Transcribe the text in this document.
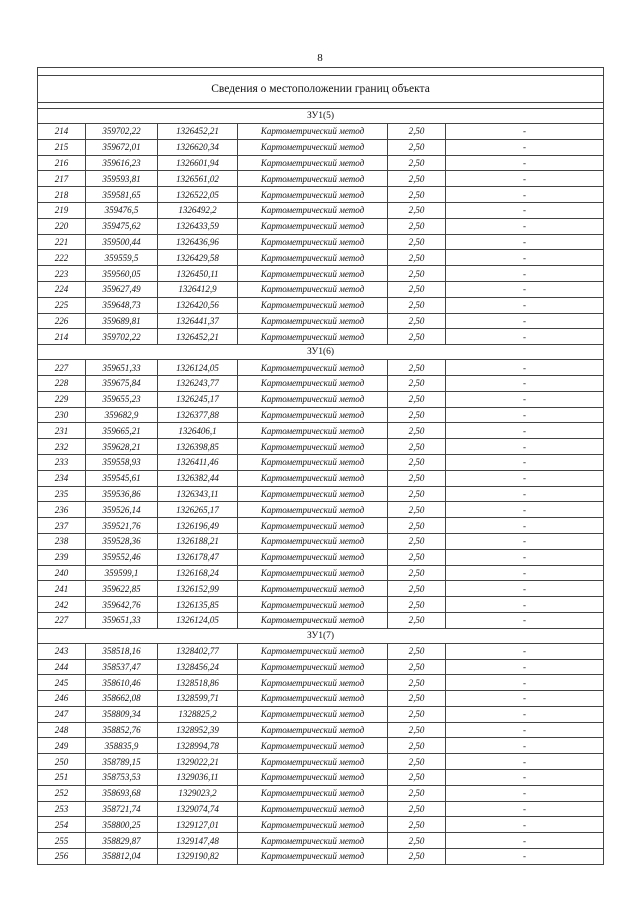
8

Сведения о местоположении границ объекта					

ЗУ1(5)					
214	359702,22	1326452,21	Картометрический метод	2,50	-
215	359672,01	1326620,34	Картометрический метод	2,50	-
216	359616,23	1326601,94	Картометрический метод	2,50	-
217	359593,81	1326561,02	Картометрический метод	2,50	-
218	359581,65	1326522,05	Картометрический метод	2,50	-
219	359476,5	1326492,2	Картометрический метод	2,50	-
220	359475,62	1326433,59	Картометрический метод	2,50	-
221	359500,44	1326436,96	Картометрический метод	2,50	-
222	359559,5	1326429,58	Картометрический метод	2,50	-
223	359560,05	1326450,11	Картометрический метод	2,50	-
224	359627,49	1326412,9	Картометрический метод	2,50	-
225	359648,73	1326420,56	Картометрический метод	2,50	-
226	359689,81	1326441,37	Картометрический метод	2,50	-
214	359702,22	1326452,21	Картометрический метод	2,50	-
ЗУ1(6)					
227	359651,33	1326124,05	Картометрический метод	2,50	-
228	359675,84	1326243,77	Картометрический метод	2,50	-
229	359655,23	1326245,17	Картометрический метод	2,50	-
230	359682,9	1326377,88	Картометрический метод	2,50	-
231	359665,21	1326406,1	Картометрический метод	2,50	-
232	359628,21	1326398,85	Картометрический метод	2,50	-
233	359558,93	1326411,46	Картометрический метод	2,50	-
234	359545,61	1326382,44	Картометрический метод	2,50	-
235	359536,86	1326343,11	Картометрический метод	2,50	-
236	359526,14	1326265,17	Картометрический метод	2,50	-
237	359521,76	1326196,49	Картометрический метод	2,50	-
238	359528,36	1326188,21	Картометрический метод	2,50	-
239	359552,46	1326178,47	Картометрический метод	2,50	-
240	359599,1	1326168,24	Картометрический метод	2,50	-
241	359622,85	1326152,99	Картометрический метод	2,50	-
242	359642,76	1326135,85	Картометрический метод	2,50	-
227	359651,33	1326124,05	Картометрический метод	2,50	-
ЗУ1(7)					
243	358518,16	1328402,77	Картометрический метод	2,50	-
244	358537,47	1328456,24	Картометрический метод	2,50	-
245	358610,46	1328518,86	Картометрический метод	2,50	-
246	358662,08	1328599,71	Картометрический метод	2,50	-
247	358809,34	1328825,2	Картометрический метод	2,50	-
248	358852,76	1328952,39	Картометрический метод	2,50	-
249	358835,9	1328994,78	Картометрический метод	2,50	-
250	358789,15	1329022,21	Картометрический метод	2,50	-
251	358753,53	1329036,11	Картометрический метод	2,50	-
252	358693,68	1329023,2	Картометрический метод	2,50	-
253	358721,74	1329074,74	Картометрический метод	2,50	-
254	358800,25	1329127,01	Картометрический метод	2,50	-
255	358829,87	1329147,48	Картометрический метод	2,50	-
256	358812,04	1329190,82	Картометрический метод	2,50	-
